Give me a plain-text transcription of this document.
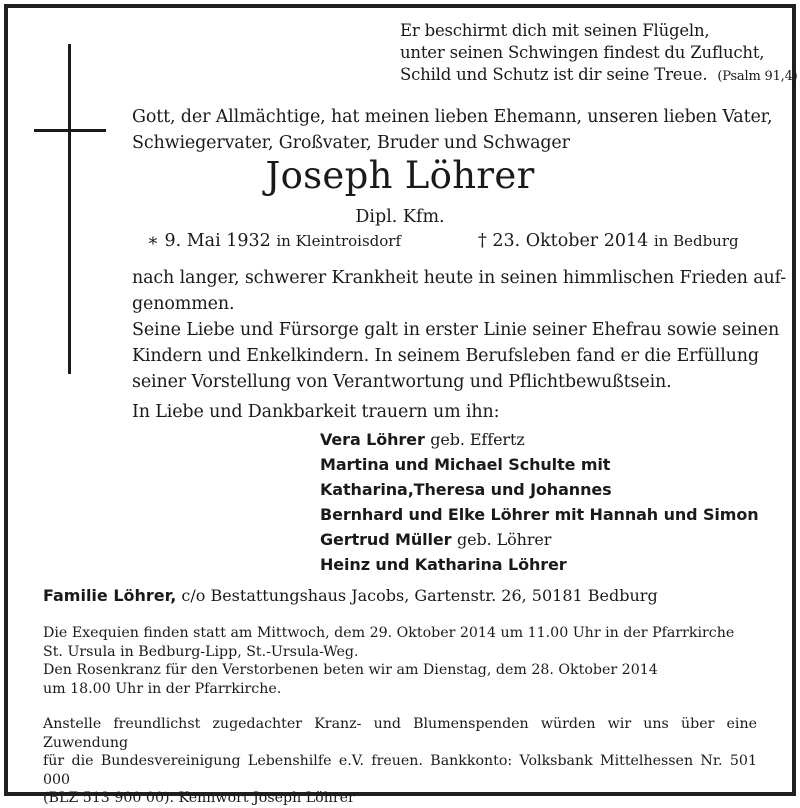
Er beschirmt dich mit seinen Flügeln,
unter seinen Schwingen findest du Zuflucht,
Schild und Schutz ist dir seine Treue. (Psalm 91,4)
Gott, der Allmächtige, hat meinen lieben Ehemann, unseren lieben Vater,
Schwiegervater, Großvater, Bruder und Schwager
Joseph Löhrer
Dipl. Kfm.
∗ 9. Mai 1932 in Kleintroisdorf	† 23. Oktober 2014 in Bedburg
nach langer, schwerer Krankheit heute in seinen himmlischen Frieden auf-
genommen.
Seine Liebe und Fürsorge galt in erster Linie seiner Ehefrau sowie seinen
Kindern und Enkelkindern. In seinem Berufsleben fand er die Erfüllung
seiner Vorstellung von Verantwortung und Pflichtbewußtsein.
In Liebe und Dankbarkeit trauern um ihn:
Vera Löhrer geb. Effertz
Martina und Michael Schulte mit
Katharina,Theresa und Johannes
Bernhard und Elke Löhrer mit Hannah und Simon
Gertrud Müller geb. Löhrer
Heinz und Katharina Löhrer
Familie Löhrer, c/o Bestattungshaus Jacobs, Gartenstr. 26, 50181 Bedburg
Die Exequien finden statt am Mittwoch, dem 29. Oktober 2014 um 11.00 Uhr in der Pfarrkirche
St. Ursula in Bedburg-Lipp, St.-Ursula-Weg.
Den Rosenkranz für den Verstorbenen beten wir am Dienstag, dem 28. Oktober 2014
um 18.00 Uhr in der Pfarrkirche.
Anstelle freundlichst zugedachter Kranz- und Blumenspenden würden wir uns über eine Zuwendung
für die Bundesvereinigung Lebenshilfe e.V. freuen. Bankkonto: Volksbank Mittelhessen Nr. 501 000
(BLZ 513 900 00). Kennwort Joseph Löhrer
